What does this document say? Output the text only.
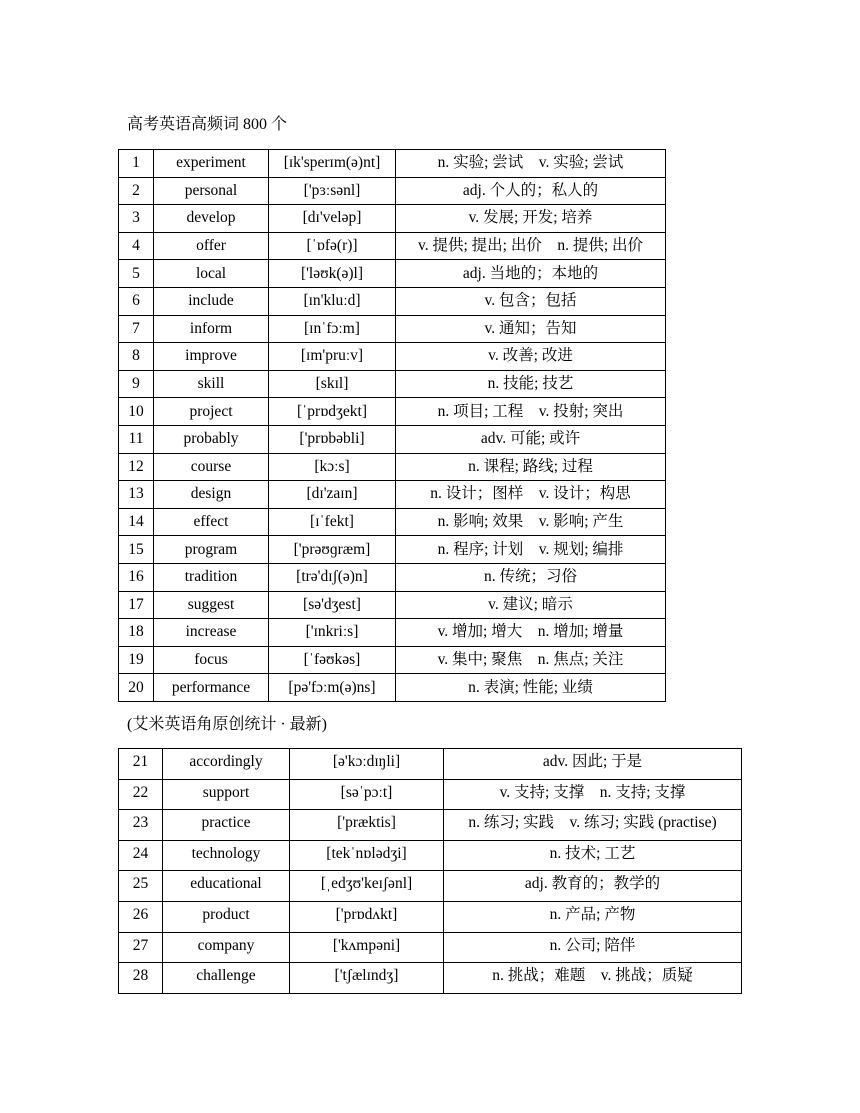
高考英语高频词 800 个
1	experiment	[ɪk'sperɪm(ə)nt]	n. 实验; 尝试　v. 实验; 尝试
2	personal	['pɜːsənl]	adj. 个人的；私人的
3	develop	[dɪ'veləp]	v. 发展; 开发; 培养
4	offer	[ˈɒfə(r)]	v. 提供; 提出; 出价　n. 提供; 出价
5	local	['ləʊk(ə)l]	adj. 当地的；本地的
6	include	[ɪn'kluːd]	v. 包含；包括
7	inform	[ɪnˈfɔːm]	v. 通知；告知
8	improve	[ɪm'pruːv]	v. 改善; 改进
9	skill	[skɪl]	n. 技能; 技艺
10	project	[ˈprɒdʒekt]	n. 项目; 工程　v. 投射; 突出
11	probably	['prɒbəbli]	adv. 可能; 或许
12	course	[kɔːs]	n. 课程; 路线; 过程
13	design	[dɪ'zaɪn]	n. 设计；图样　v. 设计；构思
14	effect	[ɪˈfekt]	n. 影响; 效果　v. 影响; 产生
15	program	['prəʊɡræm]	n. 程序; 计划　v. 规划; 编排
16	tradition	[trə'dɪʃ(ə)n]	n. 传统；习俗
17	suggest	[sə'dʒest]	v. 建议; 暗示
18	increase	['ɪnkriːs]	v. 增加; 增大　n. 增加; 增量
19	focus	[ˈfəʊkəs]	v. 集中; 聚焦　n. 焦点; 关注
20	performance	[pə'fɔːm(ə)ns]	n. 表演; 性能; 业绩
(艾米英语角原创统计 · 最新)
21	accordingly	[ə'kɔːdɪŋli]	adv. 因此; 于是
22	support	[səˈpɔːt]	v. 支持; 支撑　n. 支持; 支撑
23	practice	['præktis]	n. 练习; 实践　v. 练习; 实践 (practise)
24	technology	[tekˈnɒlədʒi]	n. 技术; 工艺
25	educational	[ˌedʒʊ'keɪʃənl]	adj. 教育的；教学的
26	product	['prɒdʌkt]	n. 产品; 产物
27	company	['kʌmpəni]	n. 公司; 陪伴
28	challenge	['tʃælɪndʒ]	n. 挑战；难题　v. 挑战；质疑
